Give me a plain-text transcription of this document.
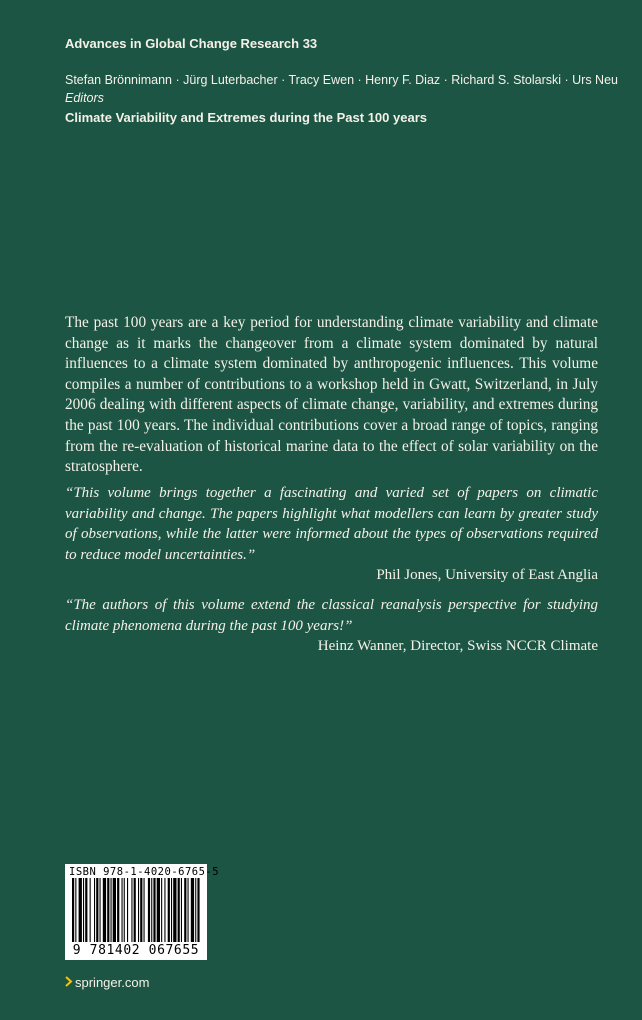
Advances in Global Change Research 33
Stefan Brönnimann · Jürg Luterbacher · Tracy Ewen · Henry F. Diaz · Richard S. Stolarski · Urs Neu
Editors
Climate Variability and Extremes during the Past 100 years

The past 100 years are a key period for understanding climate variability and climate change as it marks the changeover from a climate system dominated by natural influences to a climate system dominated by anthropogenic influences. This volume compiles a number of contributions to a workshop held in Gwatt, Switzerland, in July 2006 dealing with different aspects of climate change, variability, and extremes during the past 100 years. The individual contributions cover a broad range of topics, ranging from the re-evaluation of historical marine data to the effect of solar variability on the stratosphere.

“This volume brings together a fascinating and varied set of papers on climatic variability and change. The papers highlight what modellers can learn by greater study of observations, while the latter were informed about the types of observations required to reduce model uncertainties.”

Phil Jones, University of East Anglia

“The authors of this volume extend the classical reanalysis perspective for studying climate phenomena during the past 100 years!”

Heinz Wanner, Director, Swiss NCCR Climate

ISBN 978-1-4020-6765-5
9 781402 067655
springer.com
